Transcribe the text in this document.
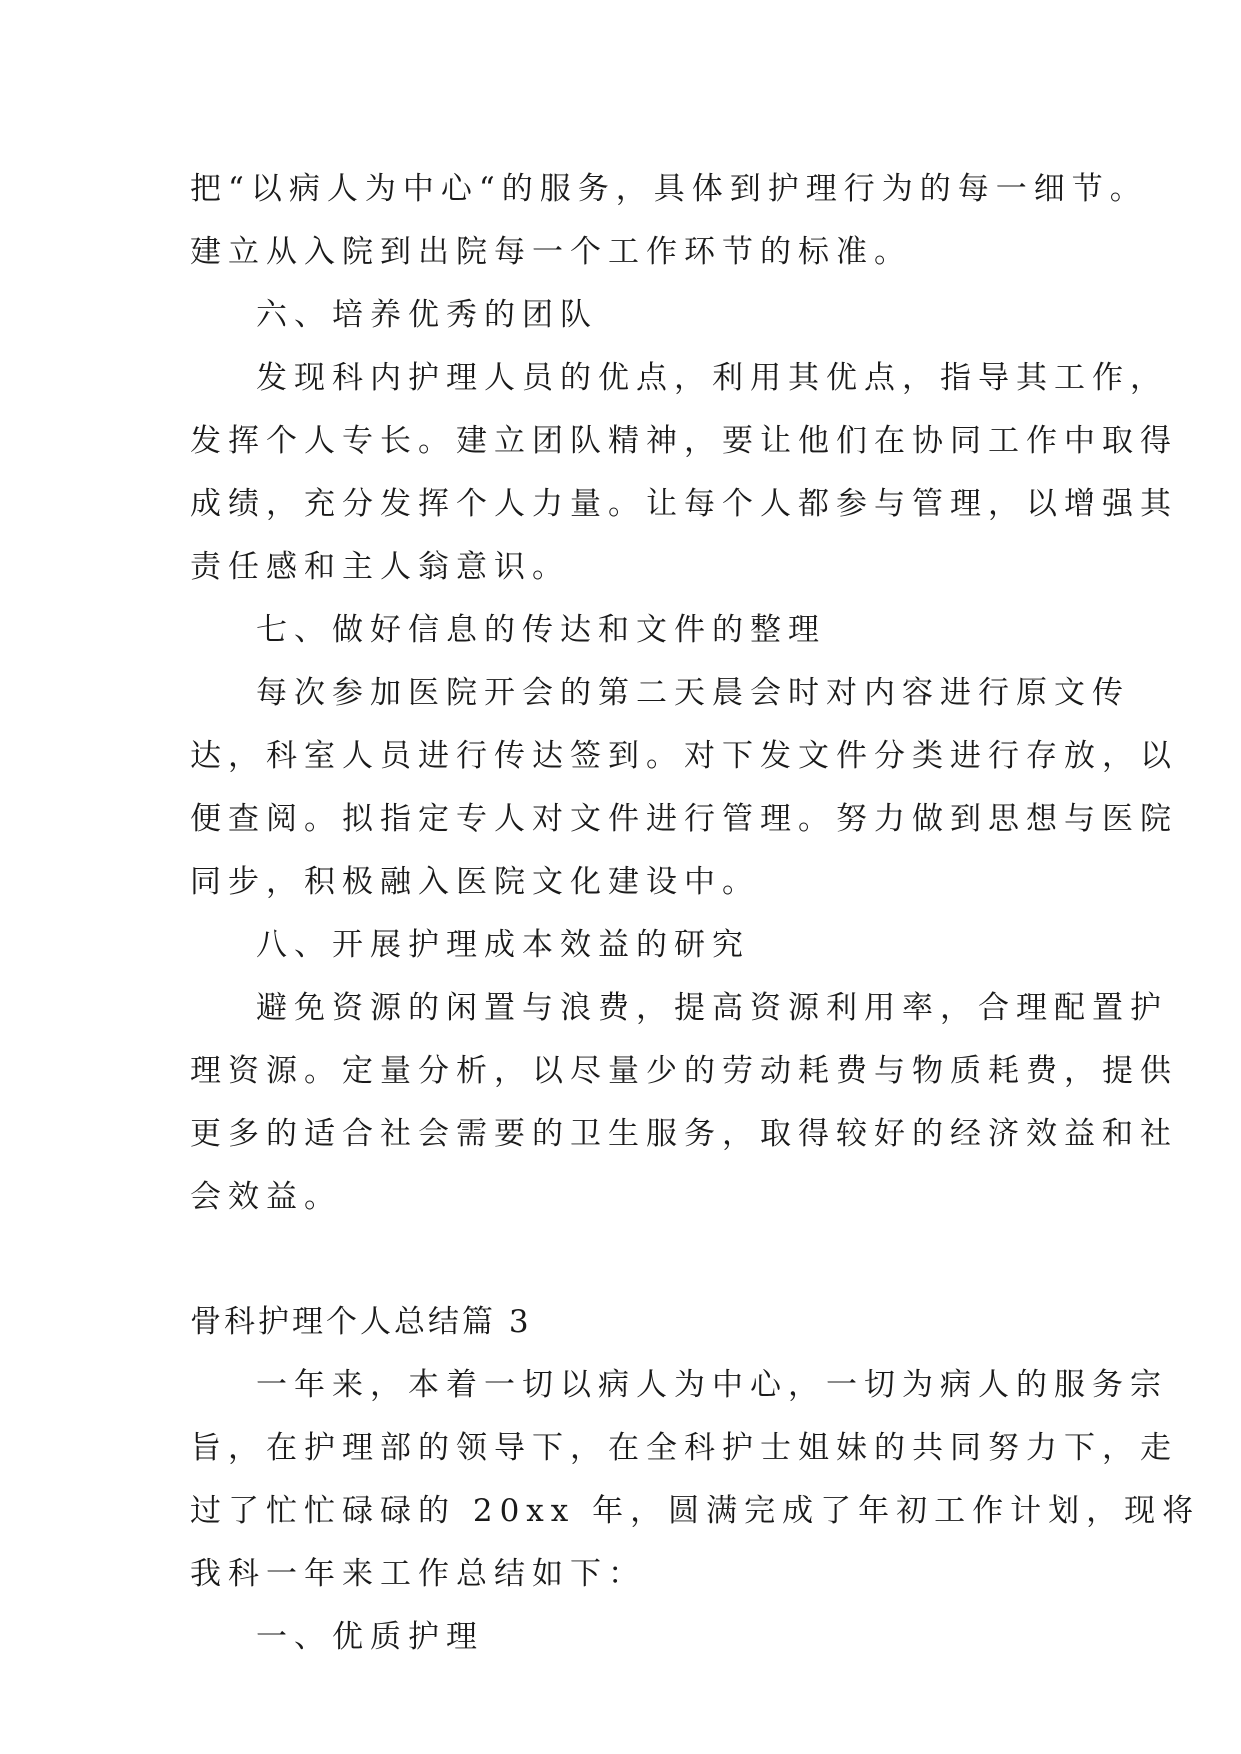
把“以病人为中心“的服务，具体到护理行为的每一细节。
建立从入院到出院每一个工作环节的标准。
六、培养优秀的团队
发现科内护理人员的优点，利用其优点，指导其工作，
发挥个人专长。建立团队精神，要让他们在协同工作中取得
成绩，充分发挥个人力量。让每个人都参与管理，以增强其
责任感和主人翁意识。
七、做好信息的传达和文件的整理
每次参加医院开会的第二天晨会时对内容进行原文传
达，科室人员进行传达签到。对下发文件分类进行存放，以
便查阅。拟指定专人对文件进行管理。努力做到思想与医院
同步，积极融入医院文化建设中。
八、开展护理成本效益的研究
避免资源的闲置与浪费，提高资源利用率，合理配置护
理资源。定量分析，以尽量少的劳动耗费与物质耗费，提供
更多的适合社会需要的卫生服务，取得较好的经济效益和社
会效益。
骨科护理个人总结篇 3
一年来，本着一切以病人为中心，一切为病人的服务宗
旨，在护理部的领导下，在全科护士姐妹的共同努力下，走
过了忙忙碌碌的 20xx 年，圆满完成了年初工作计划，现将
我科一年来工作总结如下：
一、优质护理
